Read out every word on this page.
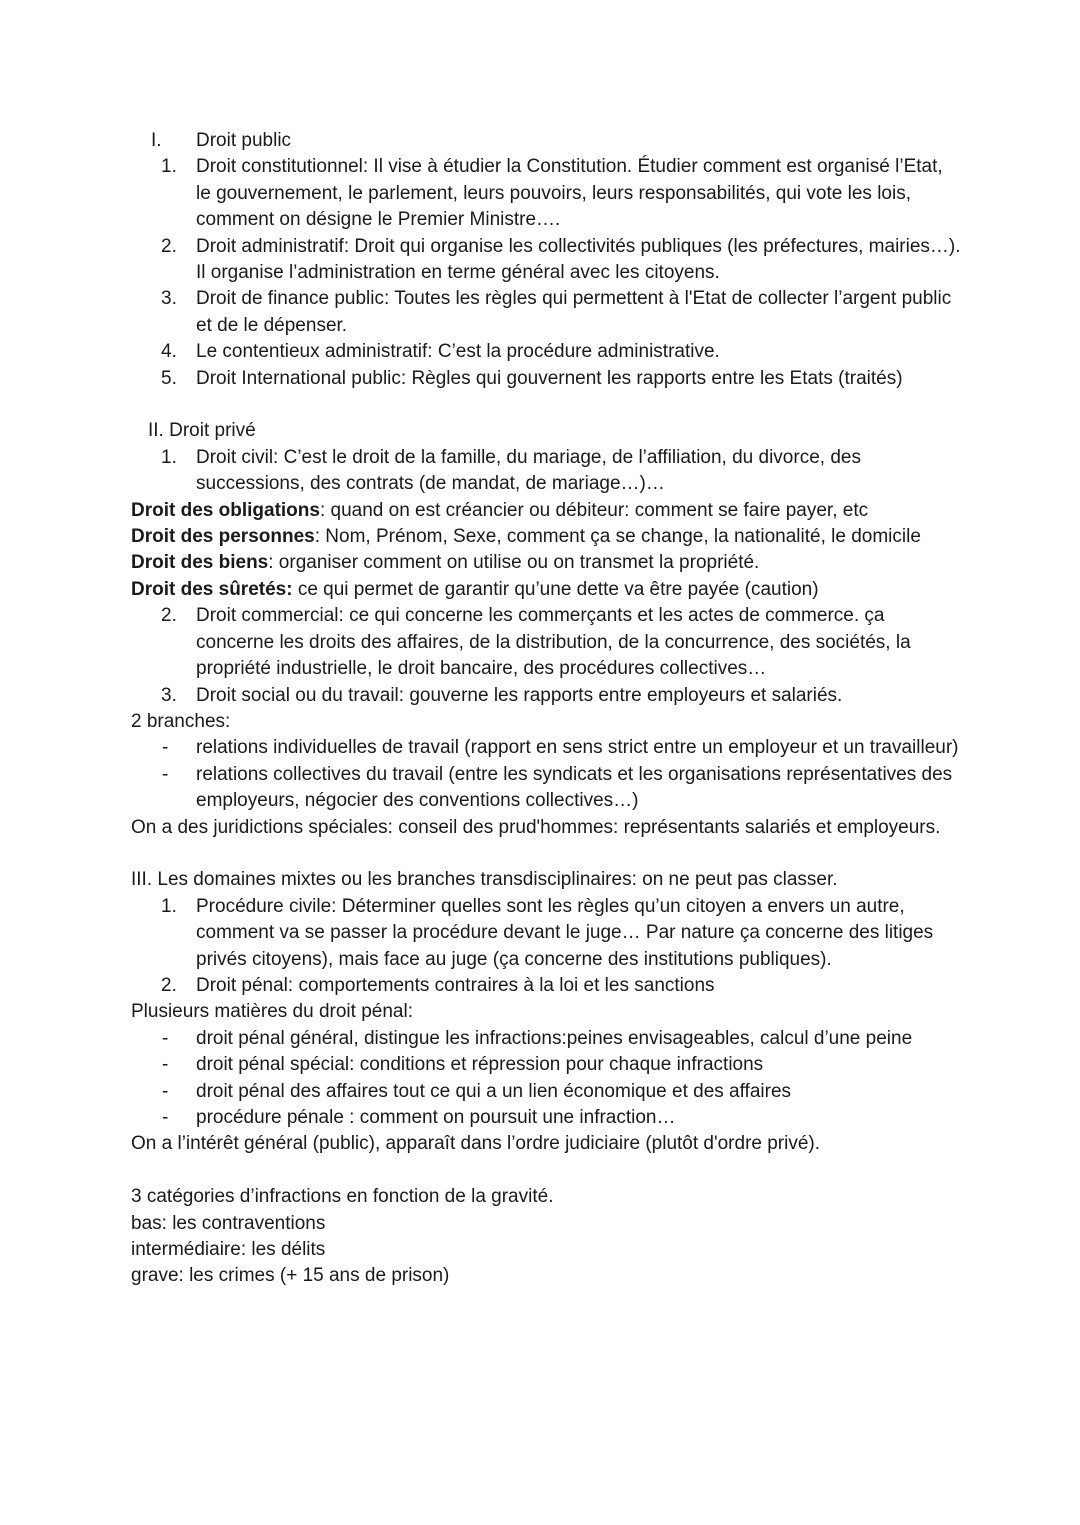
I.	Droit public
1.	Droit constitutionnel: Il vise à étudier la Constitution. Étudier comment est organisé l’Etat, le gouvernement, le parlement, leurs pouvoirs, leurs responsabilités, qui vote les lois, comment on désigne le Premier Ministre….
2.	Droit administratif: Droit qui organise les collectivités publiques (les préfectures, mairies…). Il organise l’administration en terme général avec les citoyens.
3.	Droit de finance public: Toutes les règles qui permettent à l'Etat de collecter l’argent public et de le dépenser.
4.	Le contentieux administratif: C’est la procédure administrative.
5.	Droit International public: Règles qui gouvernent les rapports entre les Etats (traités)
II. Droit privé
1.	Droit civil: C’est le droit de la famille, du mariage, de l’affiliation, du divorce, des successions, des contrats (de mandat, de mariage…)…
Droit des obligations: quand on est créancier ou débiteur: comment se faire payer, etc
Droit des personnes: Nom, Prénom, Sexe, comment ça se change, la nationalité, le domicile
Droit des biens: organiser comment on utilise ou on transmet la propriété.
Droit des sûretés: ce qui permet de garantir qu’une dette va être payée (caution)
2.	Droit commercial: ce qui concerne les commerçants et les actes de commerce. ça concerne les droits des affaires, de la distribution, de la concurrence, des sociétés, la propriété industrielle, le droit bancaire, des procédures collectives…
3.	Droit social ou du travail: gouverne les rapports entre employeurs et salariés.
2 branches:
- relations individuelles de travail (rapport en sens strict entre un employeur et un travailleur)
- relations collectives du travail (entre les syndicats et les organisations représentatives des employeurs, négocier des conventions collectives…)
On a des juridictions spéciales: conseil des prud'hommes: représentants salariés et employeurs.
III. Les domaines mixtes ou les branches transdisciplinaires: on ne peut pas classer.
1.	Procédure civile: Déterminer quelles sont les règles qu’un citoyen a envers un autre, comment va se passer la procédure devant le juge… Par nature ça concerne des litiges privés citoyens), mais face au juge (ça concerne des institutions publiques).
2.	Droit pénal: comportements contraires à la loi et les sanctions
Plusieurs matières du droit pénal:
- droit pénal général, distingue les infractions:peines envisageables, calcul d’une peine
- droit pénal spécial: conditions et répression pour chaque infractions
- droit pénal des affaires tout ce qui a un lien économique et des affaires
- procédure pénale : comment on poursuit une infraction…
On a l’intérêt général (public), apparaît dans l’ordre judiciaire (plutôt d'ordre privé).
3 catégories d’infractions en fonction de la gravité.
bas: les contraventions
intermédiaire: les délits
grave: les crimes (+ 15 ans de prison)
